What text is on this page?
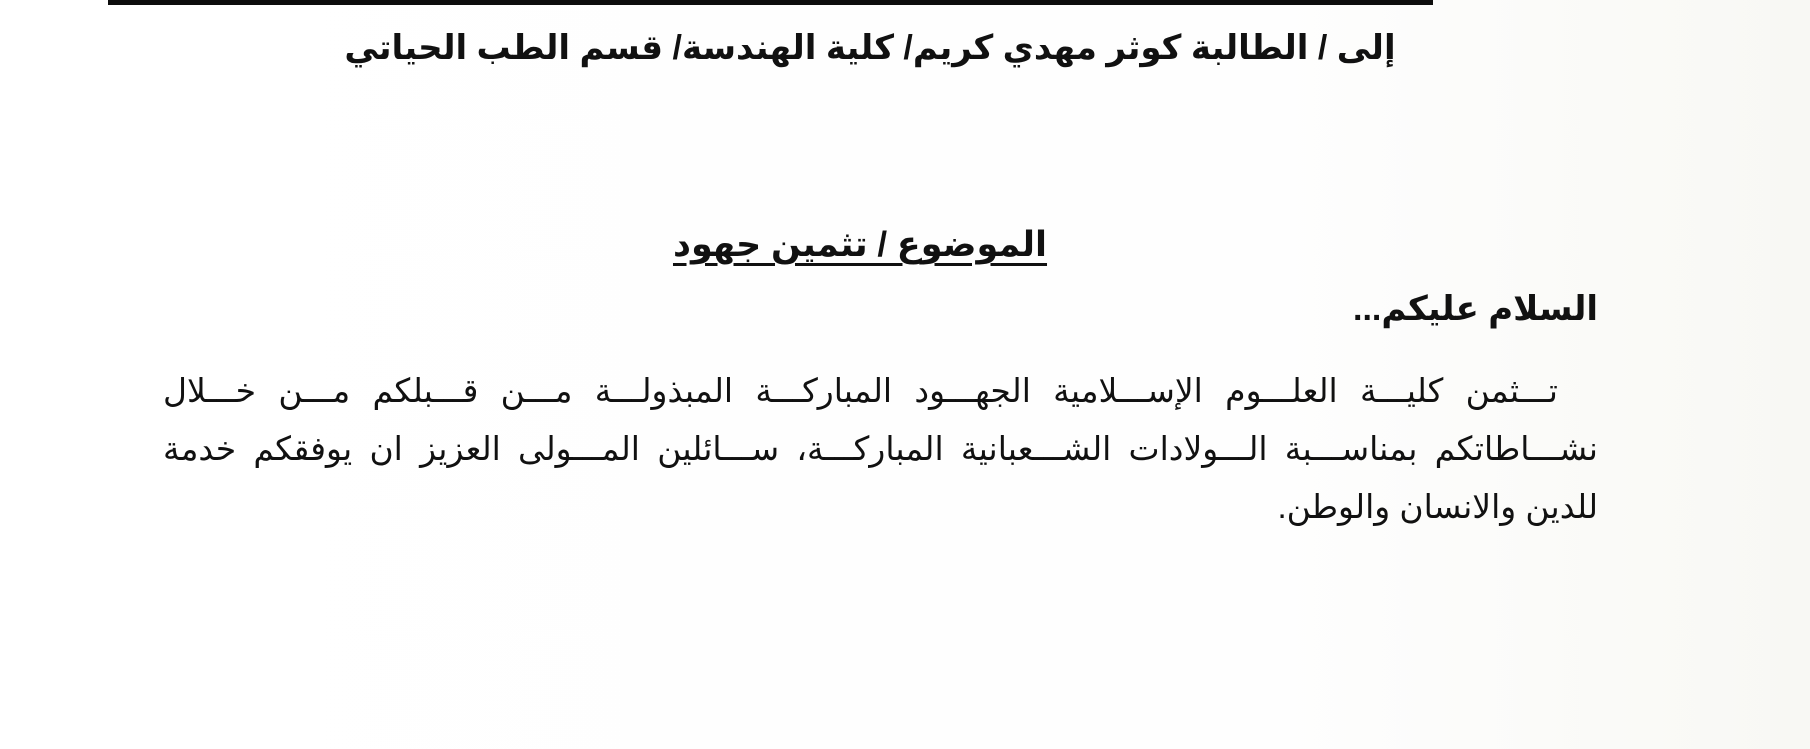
إلى / الطالبة كوثر مهدي كريم/ كلية الهندسة/ قسم الطب الحياتي
الموضوع / تثمين جهود
السلام عليكم...
تـــثمن كليـــة العلـــوم الإســـلامية الجهـــود المباركـــة المبذولـــة مـــن قـــبلكم مـــن خـــلال نشـــاطاتكم بمناســـبة الـــولادات الشـــعبانية المباركـــة، ســـائلين المـــولى العزيز ان يوفقكم خدمة للدين والانسان والوطن.
